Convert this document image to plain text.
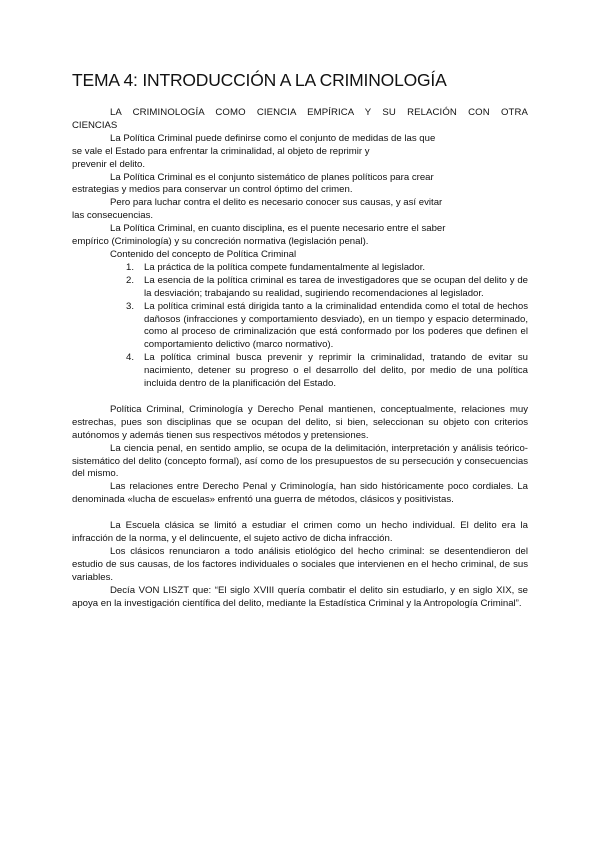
TEMA 4: INTRODUCCIÓN A LA CRIMINOLOGÍA

LA CRIMINOLOGÍA COMO CIENCIA EMPÍRICA Y SU RELACIÓN CON OTRA

CIENCIAS

La Política Criminal puede definirse como el conjunto de medidas de las que

se vale el Estado para enfrentar la criminalidad, al objeto de reprimir y

prevenir el delito.

La Política Criminal es el conjunto sistemático de planes políticos para crear

estrategias y medios para conservar un control óptimo del crimen.

Pero para luchar contra el delito es necesario conocer sus causas, y así evitar

las consecuencias.

La Política Criminal, en cuanto disciplina, es el puente necesario entre el saber

empírico (Criminología) y su concreción normativa (legislación penal).

Contenido del concepto de Política Criminal

1. La práctica de la política compete fundamentalmente al legislador.
2. La esencia de la política criminal es tarea de investigadores que se ocupan del delito y de la desviación; trabajando su realidad, sugiriendo recomendaciones al legislador.
3. La política criminal está dirigida tanto a la criminalidad entendida como el total de hechos dañosos (infracciones y comportamiento desviado), en un tiempo y espacio determinado, como al proceso de criminalización que está conformado por los poderes que definen el comportamiento delictivo (marco normativo).
4. La política criminal busca prevenir y reprimir la criminalidad, tratando de evitar su nacimiento, detener su progreso o el desarrollo del delito, por medio de una política incluida dentro de la planificación del Estado.

Política Criminal, Criminología y Derecho Penal mantienen, conceptualmente, relaciones muy estrechas, pues son disciplinas que se ocupan del delito, si bien, seleccionan su objeto con criterios autónomos y además tienen sus respectivos métodos y pretensiones.

La ciencia penal, en sentido amplio, se ocupa de la delimitación, interpretación y análisis teórico-sistemático del delito (concepto formal), así como de los presupuestos de su persecución y consecuencias del mismo.

Las relaciones entre Derecho Penal y Criminología, han sido históricamente poco cordiales. La denominada «lucha de escuelas» enfrentó una guerra de métodos, clásicos y positivistas.

La Escuela clásica se limitó a estudiar el crimen como un hecho individual. El delito era la infracción de la norma, y el delincuente, el sujeto activo de dicha infracción.

Los clásicos renunciaron a todo análisis etiológico del hecho criminal: se desentendieron del estudio de sus causas, de los factores individuales o sociales que intervienen en el hecho criminal, de sus variables.

Decía VON LISZT que: “El siglo XVIII quería combatir el delito sin estudiarlo, y en siglo XIX, se apoya en la investigación científica del delito, mediante la Estadística Criminal y la Antropología Criminal”.
